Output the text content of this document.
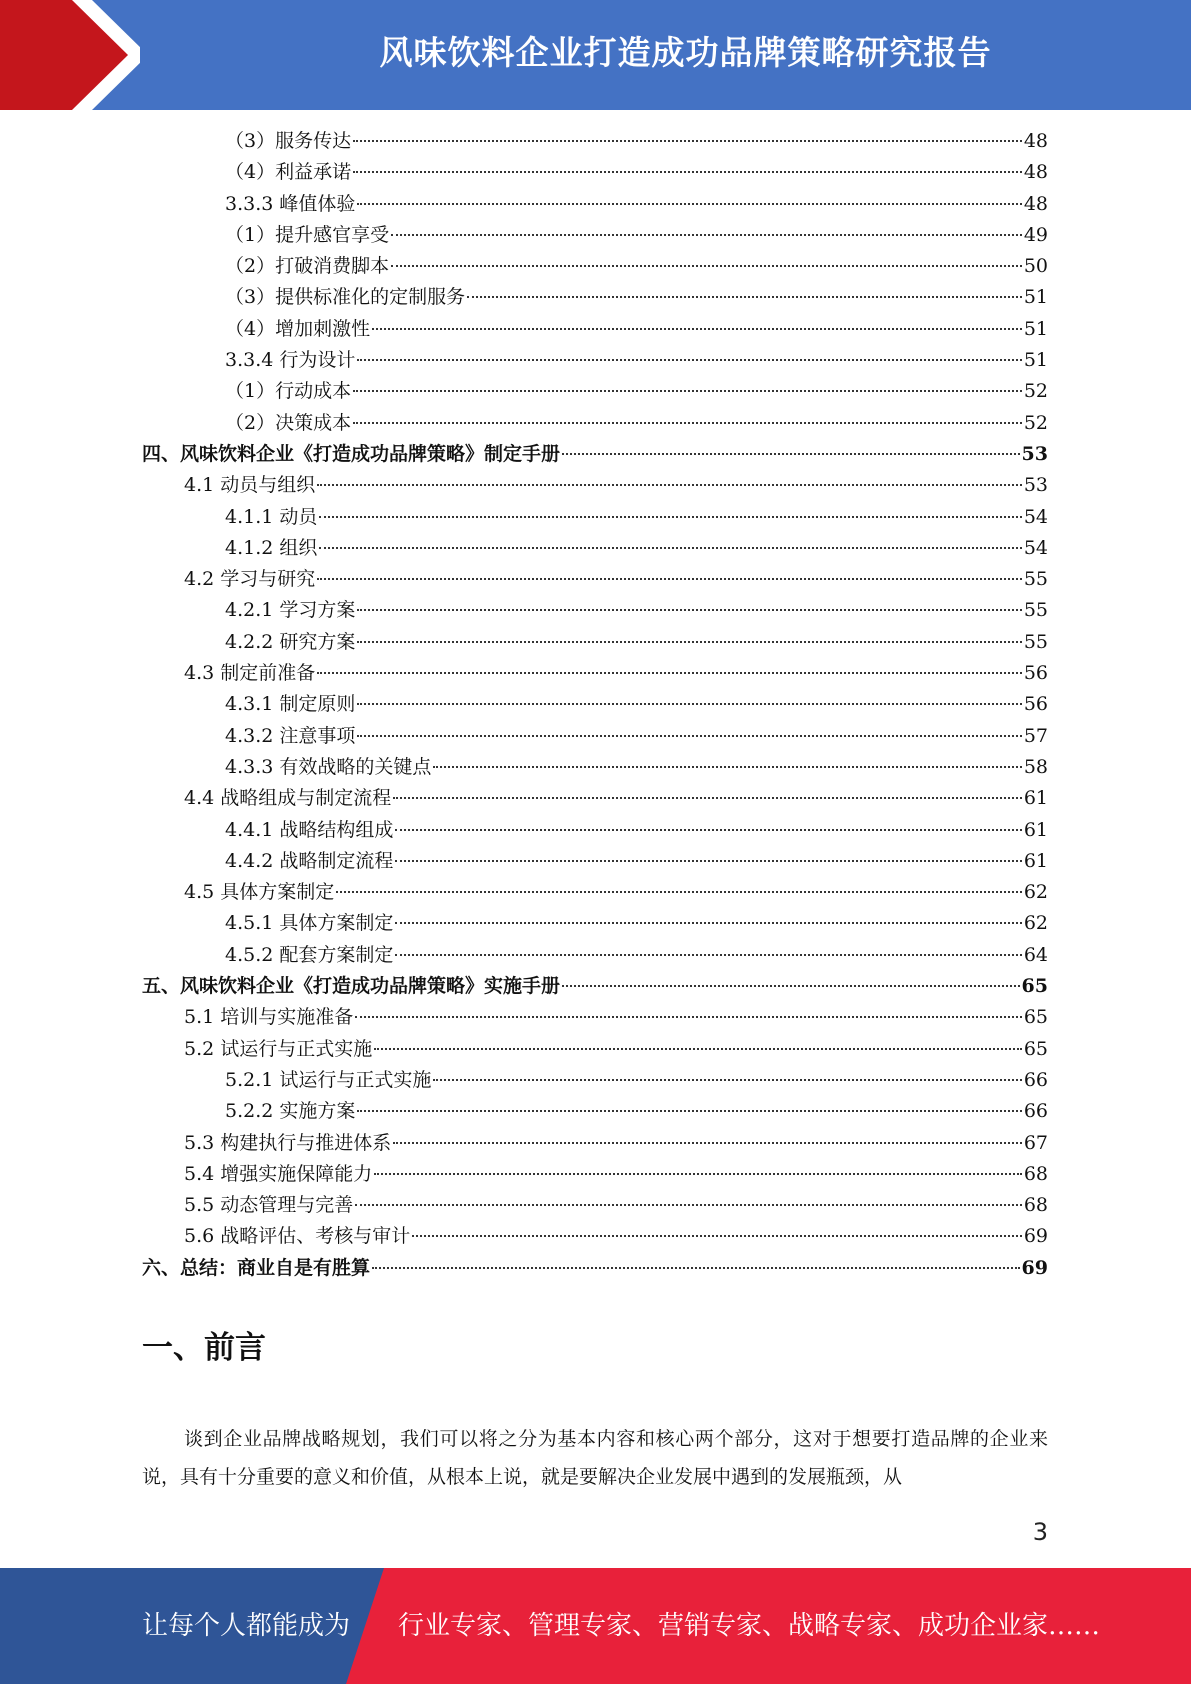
风味饮料企业打造成功品牌策略研究报告
（3）服务传达	48
（4）利益承诺	48
3.3.3 峰值体验	48
（1）提升感官享受	49
（2）打破消费脚本	50
（3）提供标准化的定制服务	51
（4）增加刺激性	51
3.3.4 行为设计	51
（1）行动成本	52
（2）决策成本	52
四、风味饮料企业《打造成功品牌策略》制定手册	53
4.1 动员与组织	53
4.1.1 动员	54
4.1.2 组织	54
4.2 学习与研究	55
4.2.1 学习方案	55
4.2.2 研究方案	55
4.3 制定前准备	56
4.3.1 制定原则	56
4.3.2 注意事项	57
4.3.3 有效战略的关键点	58
4.4 战略组成与制定流程	61
4.4.1 战略结构组成	61
4.4.2 战略制定流程	61
4.5 具体方案制定	62
4.5.1 具体方案制定	62
4.5.2 配套方案制定	64
五、风味饮料企业《打造成功品牌策略》实施手册	65
5.1 培训与实施准备	65
5.2 试运行与正式实施	65
5.2.1 试运行与正式实施	66
5.2.2 实施方案	66
5.3 构建执行与推进体系	67
5.4 增强实施保障能力	68
5.5 动态管理与完善	68
5.6 战略评估、考核与审计	69
六、总结：商业自是有胜算	69
一、前言

谈到企业品牌战略规划，我们可以将之分为基本内容和核心两个部分，这对于想要打造品牌的企业来说，具有十分重要的意义和价值，从根本上说，就是要解决企业发展中遇到的发展瓶颈，从

3
让每个人都能成为 行业专家、管理专家、营销专家、战略专家、成功企业家……
